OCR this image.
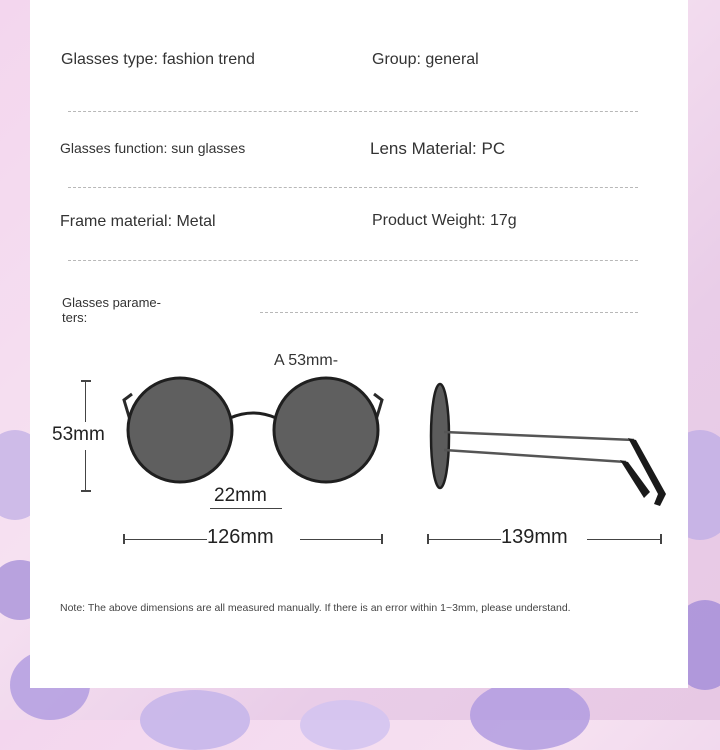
Glasses type: fashion trend	Group: general
Glasses function: sun glasses	Lens Material: PC
Frame material: Metal	Product Weight: 17g
Glasses parame-
ters:
A 53mm-
53mm
22mm
126mm	139mm
Note: The above dimensions are all measured manually. If there is an error within 1~3mm, please understand.
